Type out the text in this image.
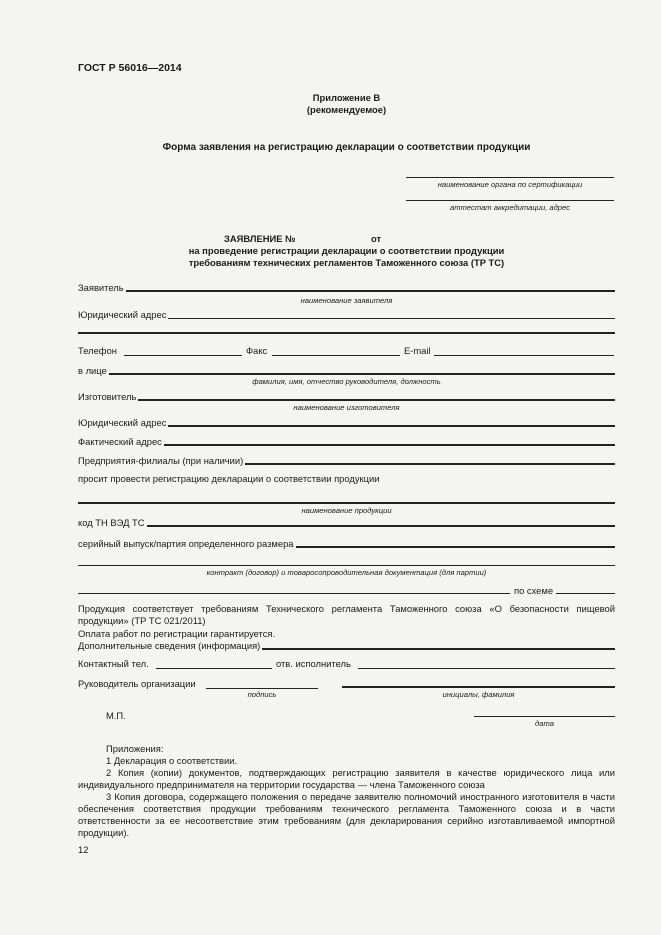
ГОСТ Р 56016—2014
Приложение В
(рекомендуемое)
Форма заявления на регистрацию декларации о соответствии продукции
наименование органа по сертификации
аттестат аккредитации, адрес
ЗАЯВЛЕНИЕ №	от
на проведение регистрации декларации о соответствии продукции
требованиям технических регламентов Таможенного союза (ТР ТС)
Заявитель
наименование заявителя
Юридический адрес
Телефон	Факс	E-mail
в лице
фамилия, имя, отчество руководителя, должность
Изготовитель
наименование изготовителя
Юридический адрес
Фактический адрес
Предприятия-филиалы (при наличии)
просит провести регистрацию декларации о соответствии продукции
наименование продукции
код ТН ВЭД ТС
серийный выпуск/партия определенного размера
контракт (договор) и товаросопроводительная документация (для партии)
по схеме
Продукция соответствует требованиям Технического регламента Таможенного союза «О безопасности пищевой продукции» (ТР ТС 021/2011)
Оплата работ по регистрации гарантируется.
Дополнительные сведения (информация)
Контактный тел.	отв. исполнитель
Руководитель организации
подпись	инициалы, фамилия
М.П.
дата
Приложения:
1 Декларация о соответствии.
2 Копия (копии) документов, подтверждающих регистрацию заявителя в качестве юридического лица или индивидуального предпринимателя на территории государства — члена Таможенного союза
3 Копия договора, содержащего положения о передаче заявителю полномочий иностранного изготовителя в части обеспечения соответствия продукции требованиям технического регламента Таможенного союза и в части ответственности за ее несоответствие этим требованиям (для декларирования серийно изготавливаемой импортной продукции).
12
